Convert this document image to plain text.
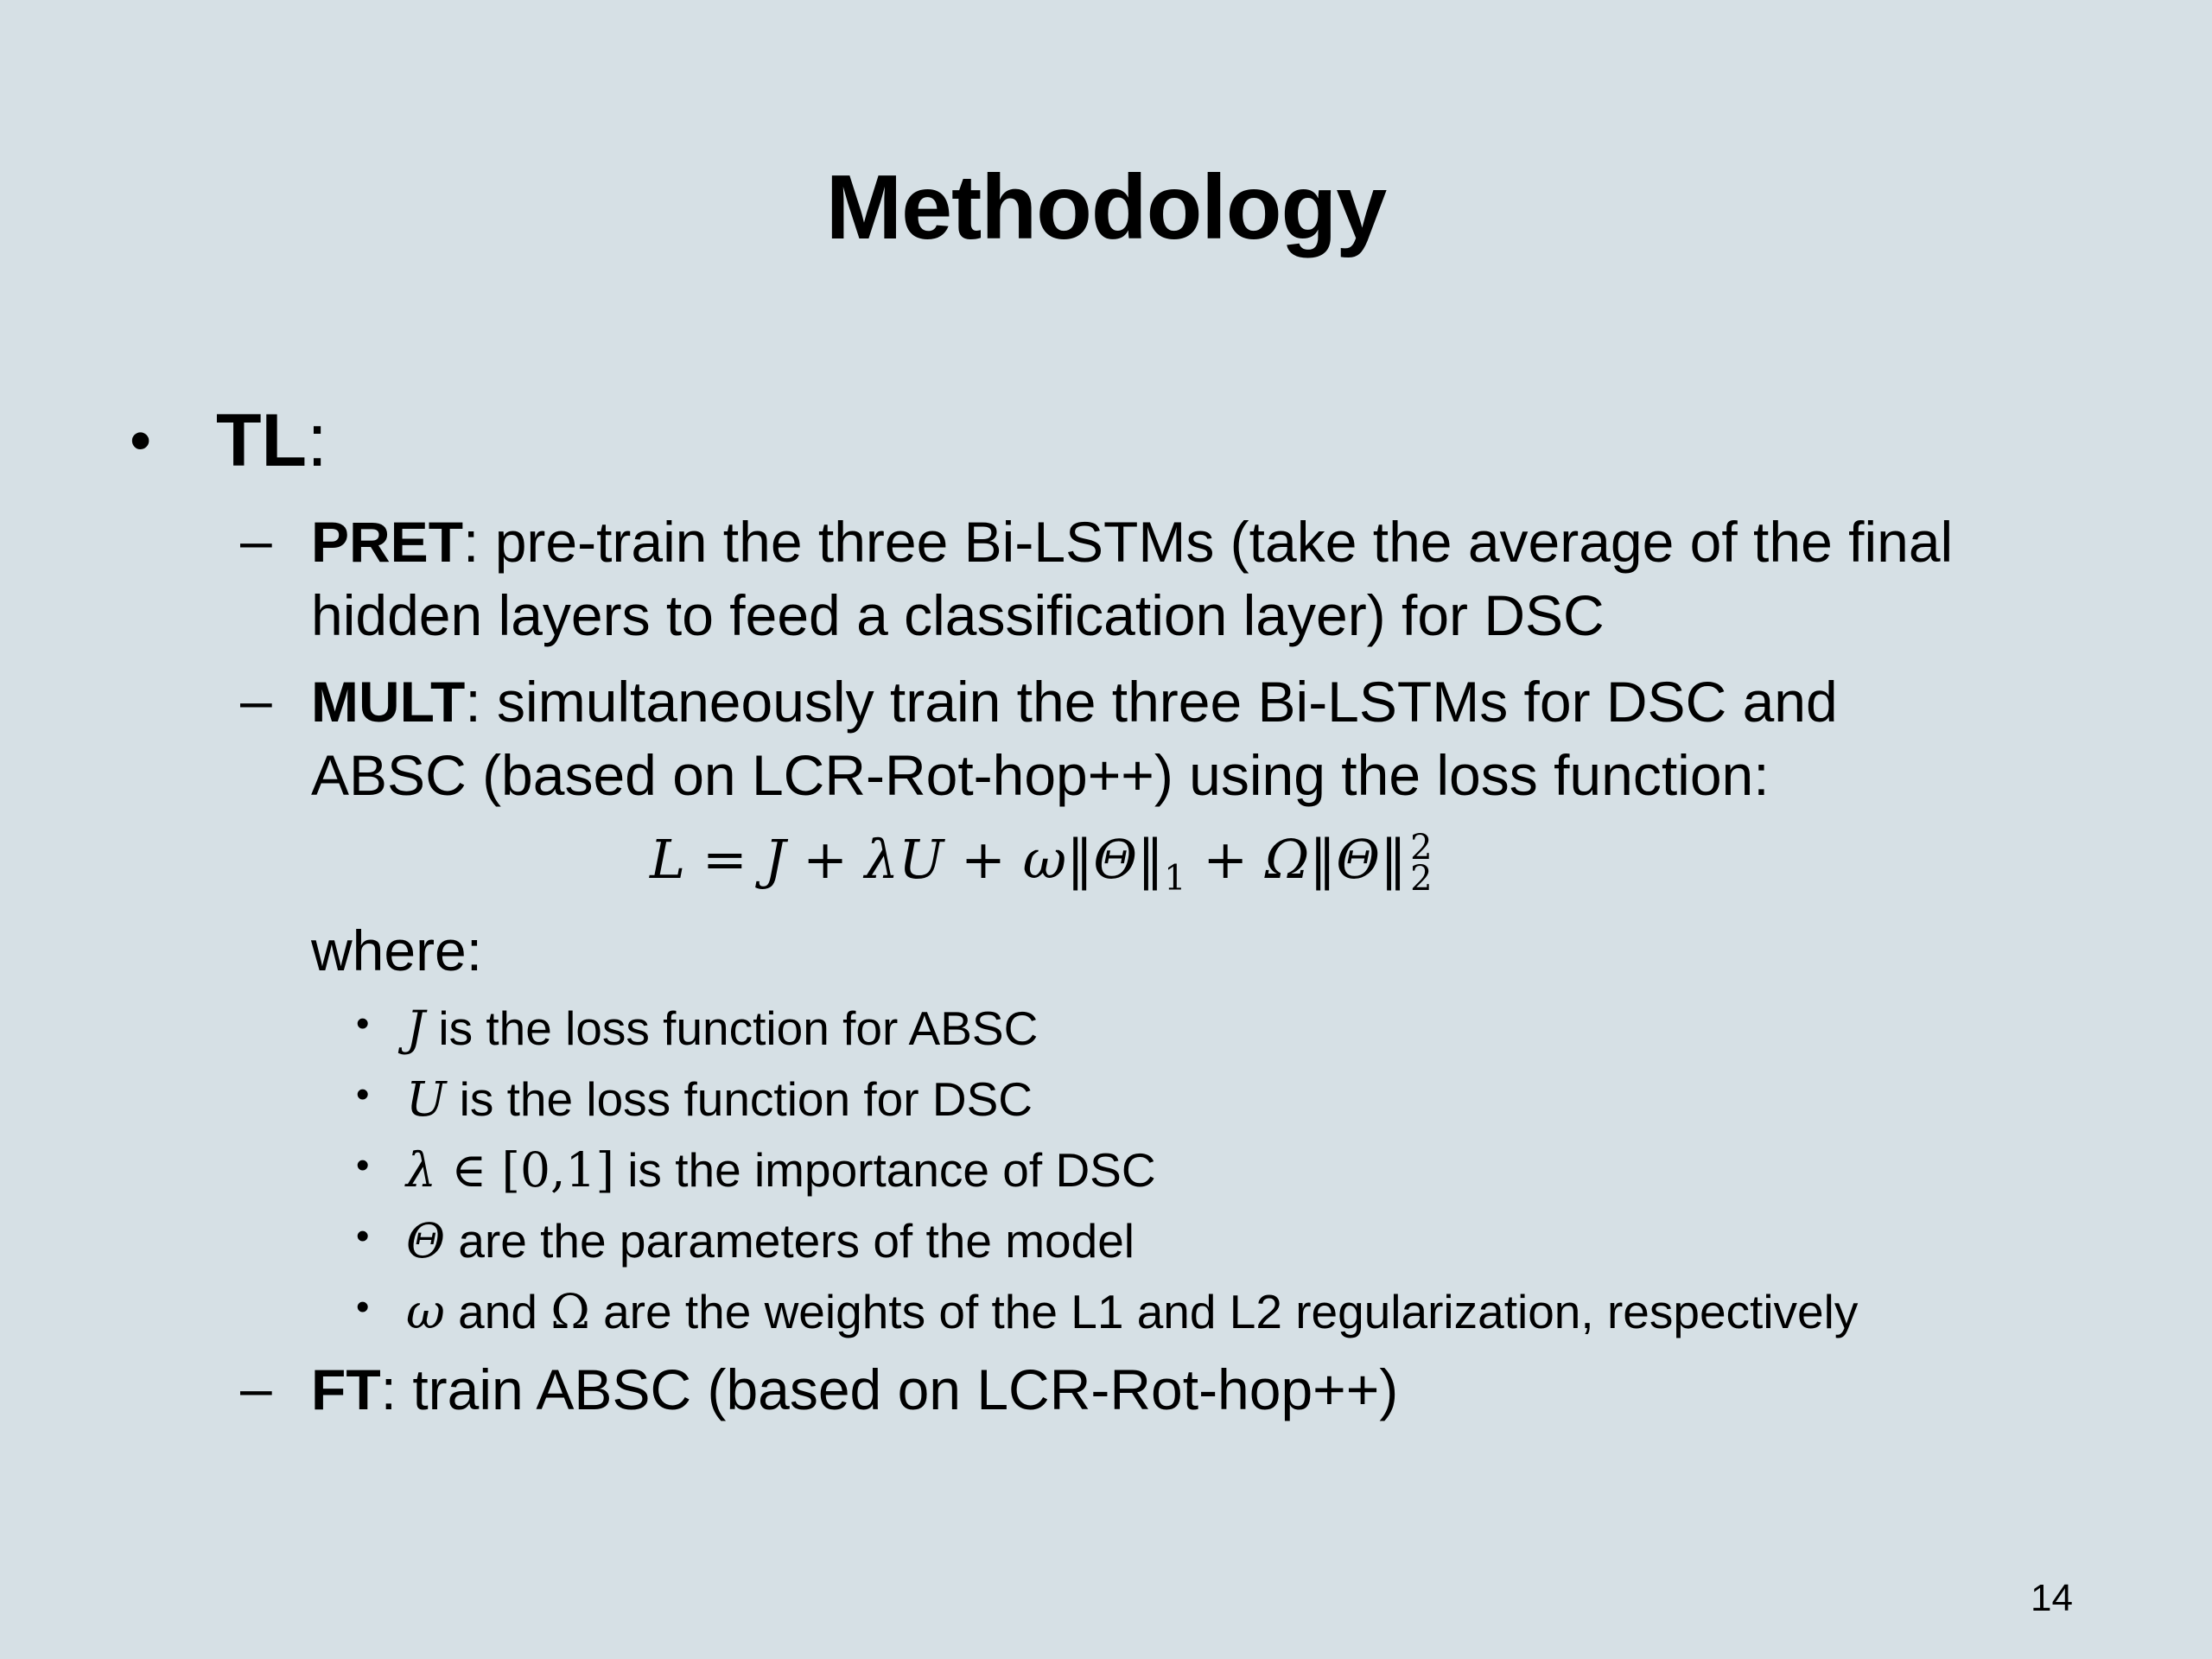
Methodology
• TL:
– PRET: pre-train the three Bi-LSTMs (take the average of the final
hidden layers to feed a classification layer) for DSC
– MULT: simultaneously train the three Bi-LSTMs for DSC and
ABSC (based on LCR-Rot-hop++) using the loss function:
$L = J + \lambda U + \omega‖\Theta‖_1$ + Ω‖Θ‖ 2
2
where:
• J is the loss function for ABSC
• U is the loss function for DSC
• λ ∈ [0,1] is the importance of DSC
• Θ are the parameters of the model
• ω and Ω are the weights of the L1 and L2 regularization, respectively
– FT: train ABSC (based on LCR-Rot-hop++)
14
